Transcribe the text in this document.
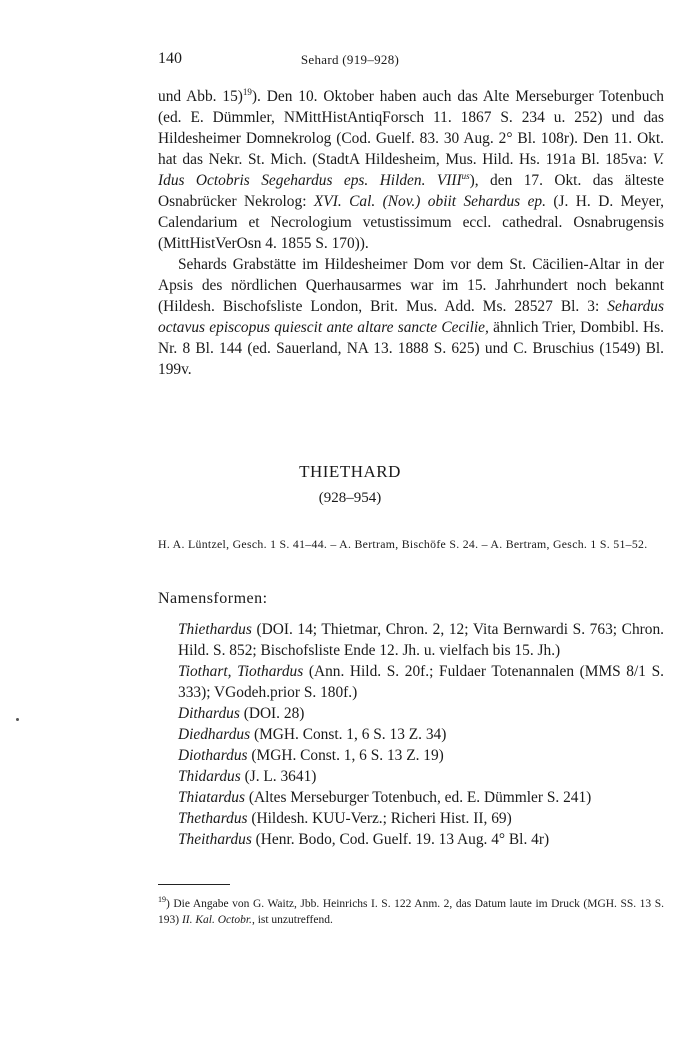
140	Sehard (919–928)

und Abb. 15)$^{19}$). Den 10. Oktober haben auch das Alte Merseburger Totenbuch (ed. E. Dümmler, NMittHistAntiqForsch 11. 1867 S. 234 u. 252) und das Hildesheimer Domnekrolog (Cod. Guelf. 83. 30 Aug. 2° Bl. 108r). Den 11. Okt. hat das Nekr. St. Mich. (StadtA Hildesheim, Mus. Hild. Hs. 191a Bl. 185va: V. Idus Octobris Segehardus eps. Hilden. $VIII^{us}$), den 17. Okt. das älteste Osnabrücker Nekrolog: XVI. Cal. (Nov.) obiit Sehardus ep. (J. H. D. Meyer, Calendarium et Necrologium vetustissimum eccl. cathedral. Osnabrugensis (MittHistVerOsn 4. 1855 S. 170)).

Sehards Grabstätte im Hildesheimer Dom vor dem St. Cäcilien-Altar in der Apsis des nördlichen Querhausarmes war im 15. Jahrhundert noch bekannt (Hildesh. Bischofsliste London, Brit. Mus. Add. Ms. 28527 Bl. 3: Sehardus octavus episcopus quiescit ante altare sancte Cecilie, ähnlich Trier, Dombibl. Hs. Nr. 8 Bl. 144 (ed. Sauerland, NA 13. 1888 S. 625) und C. Bruschius (1549) Bl. 199v.

THIETHARD
(928–954)
H. A. Lüntzel, Gesch. 1 S. 41–44. – A. Bertram, Bischöfe S. 24. – A. Bertram, Gesch. 1 S. 51–52.
Namensformen:
Thiethardus (DOI. 14; Thietmar, Chron. 2, 12; Vita Bernwardi S. 763; Chron. Hild. S. 852; Bischofsliste Ende 12. Jh. u. vielfach bis 15. Jh.)
Tiothart, Tiothardus (Ann. Hild. S. 20f.; Fuldaer Totenannalen (MMS 8/1 S. 333); VGodeh.prior S. 180f.)
Dithardus (DOI. 28)
Diedhardus (MGH. Const. 1, 6 S. 13 Z. 34)
Diothardus (MGH. Const. 1, 6 S. 13 Z. 19)
Thidardus (J. L. 3641)
Thiatardus (Altes Merseburger Totenbuch, ed. E. Dümmler S. 241)
Thethardus (Hildesh. KUU-Verz.; Richeri Hist. II, 69)
Theithardus (Henr. Bodo, Cod. Guelf. 19. 13 Aug. 4° Bl. 4r)
$^{19}$) Die Angabe von G. Waitz, Jbb. Heinrichs I. S. 122 Anm. 2, das Datum laute im Druck (MGH. SS. 13 S. 193) II. Kal. Octobr., ist unzutreffend.
